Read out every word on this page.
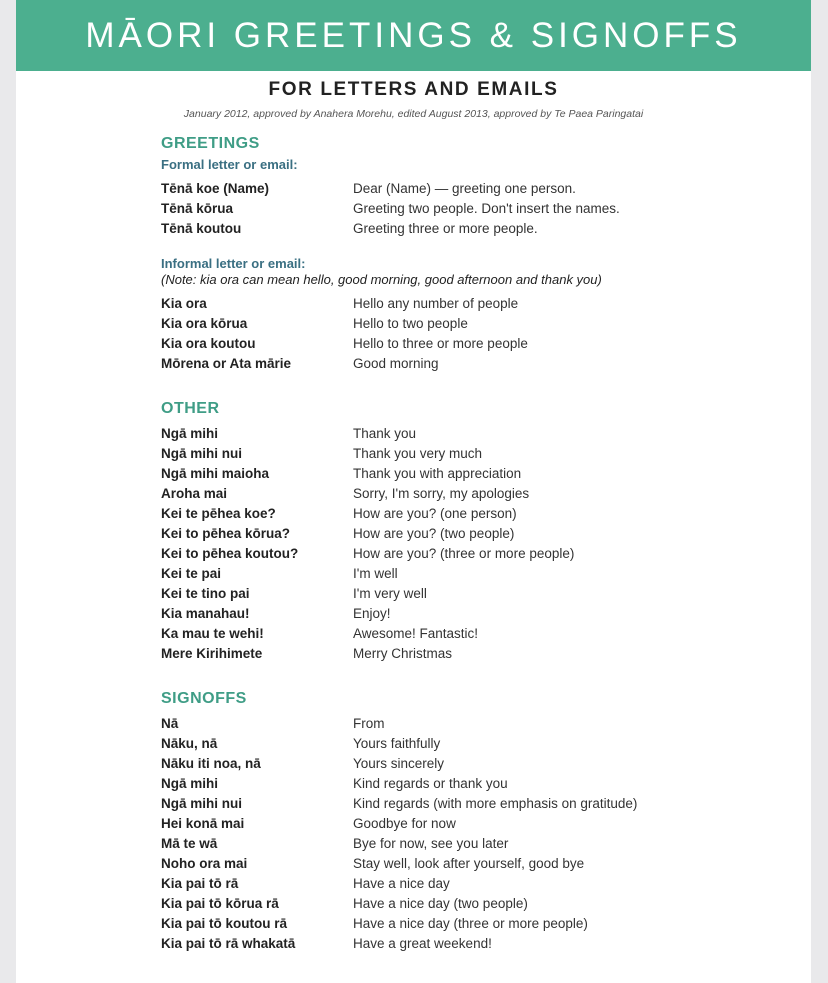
MĀORI GREETINGS & SIGNOFFS
FOR LETTERS AND EMAILS
January 2012, approved by Anahera Morehu, edited August 2013, approved by Te Paea Paringatai
GREETINGS
Formal letter or email:
Tēnā koe (Name)	Dear (Name) — greeting one person.
Tēnā kōrua	Greeting two people. Don't insert the names.
Tēnā koutou	Greeting three or more people.
Informal letter or email:
(Note: kia ora can mean hello, good morning, good afternoon and thank you)
Kia ora	Hello any number of people
Kia ora kōrua	Hello to two people
Kia ora koutou	Hello to three or more people
Mōrena or Ata mārie	Good morning
OTHER
Ngā mihi	Thank you
Ngā mihi nui	Thank you very much
Ngā mihi maioha	Thank you with appreciation
Aroha mai	Sorry, I'm sorry, my apologies
Kei te pēhea koe?	How are you? (one person)
Kei to pēhea kōrua?	How are you? (two people)
Kei to pēhea koutou?	How are you? (three or more people)
Kei te pai	I'm well
Kei te tino pai	I'm very well
Kia manahau!	Enjoy!
Ka mau te wehi!	Awesome! Fantastic!
Mere Kirihimete	Merry Christmas
SIGNOFFS
Nā	From
Nāku, nā	Yours faithfully
Nāku iti noa, nā	Yours sincerely
Ngā mihi	Kind regards or thank you
Ngā mihi nui	Kind regards (with more emphasis on gratitude)
Hei konā mai	Goodbye for now
Mā te wā	Bye for now, see you later
Noho ora mai	Stay well, look after yourself, good bye
Kia pai tō rā	Have a nice day
Kia pai tō kōrua rā	Have a nice day (two people)
Kia pai tō koutou rā	Have a nice day (three or more people)
Kia pai tō rā whakatā	Have a great weekend!
